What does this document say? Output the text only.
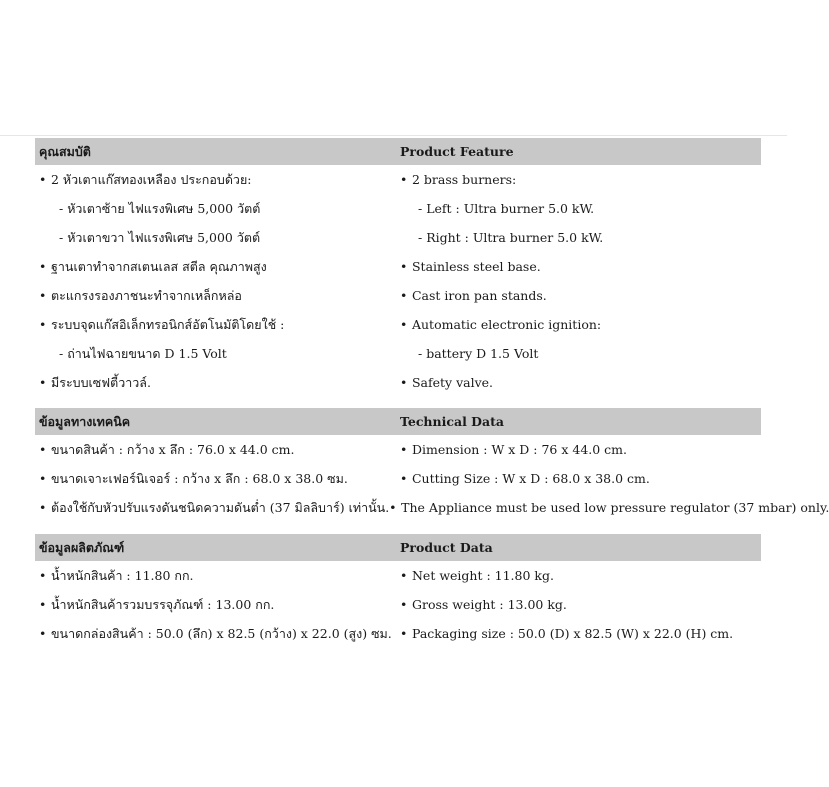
คุณสมบัติ	Product Feature
• 2 หัวเตาแก๊สทองเหลือง ประกอบด้วย:	• 2 brass burners:
- หัวเตาซ้าย ไฟแรงพิเศษ 5,000 วัตต์	- Left : Ultra burner 5.0 kW.
- หัวเตาขวา ไฟแรงพิเศษ 5,000 วัตต์	- Right : Ultra burner 5.0 kW.
• ฐานเตาทำจากสเตนเลส สตีล คุณภาพสูง	• Stainless steel base.
• ตะแกรงรองภาชนะทำจากเหล็กหล่อ	• Cast iron pan stands.
• ระบบจุดแก๊สอิเล็กทรอนิกส์อัตโนมัติโดยใช้ :	• Automatic electronic ignition:
- ถ่านไฟฉายขนาด D 1.5 Volt	- battery D 1.5 Volt
• มีระบบเซฟตี้วาวล์.	• Safety valve.
ข้อมูลทางเทคนิค	Technical Data
• ขนาดสินค้า : กว้าง x ลึก : 76.0 x 44.0 cm.	• Dimension : W x D : 76 x 44.0 cm.
• ขนาดเจาะเฟอร์นิเจอร์ : กว้าง x ลึก : 68.0 x 38.0 ซม.	• Cutting Size : W x D : 68.0 x 38.0 cm.
• ต้องใช้กับหัวปรับแรงดันชนิดความดันต่ำ (37 มิลลิบาร์) เท่านั้น. • The Appliance must be used low pressure regulator (37 mbar) only.
ข้อมูลผลิตภัณฑ์	Product Data
• น้ำหนักสินค้า : 11.80 กก.	• Net weight : 11.80 kg.
• น้ำหนักสินค้ารวมบรรจุภัณฑ์ : 13.00 กก.	• Gross weight : 13.00 kg.
• ขนาดกล่องสินค้า : 50.0 (ลึก) x 82.5 (กว้าง) x 22.0 (สูง) ซม. • Packaging size : 50.0 (D) x 82.5 (W) x 22.0 (H) cm.
